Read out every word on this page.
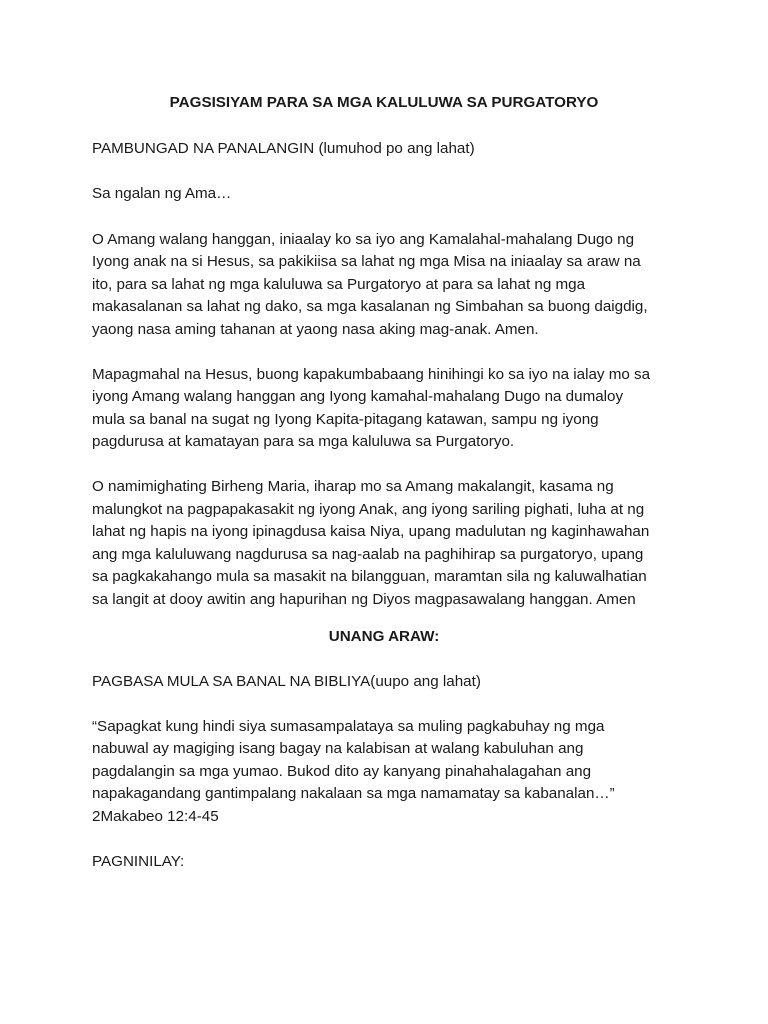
PAGSISIYAM PARA SA MGA KALULUWA SA PURGATORYO
PAMBUNGAD NA PANALANGIN (lumuhod po ang lahat)
Sa ngalan ng Ama…
O Amang walang hanggan, iniaalay ko sa iyo ang Kamalahal-mahalang Dugo ng
Iyong anak na si Hesus, sa pakikiisa sa lahat ng mga Misa na iniaalay sa araw na
ito, para sa lahat ng mga kaluluwa sa Purgatoryo at para sa lahat ng mga
makasalanan sa lahat ng dako, sa mga kasalanan ng Simbahan sa buong daigdig,
yaong nasa aming tahanan at yaong nasa aking mag-anak. Amen.
Mapagmahal na Hesus, buong kapakumbabaang hinihingi ko sa iyo na ialay mo sa
iyong Amang walang hanggan ang Iyong kamahal-mahalang Dugo na dumaloy
mula sa banal na sugat ng Iyong Kapita-pitagang katawan, sampu ng iyong
pagdurusa at kamatayan para sa mga kaluluwa sa Purgatoryo.
O namimighating Birheng Maria, iharap mo sa Amang makalangit, kasama ng
malungkot na pagpapakasakit ng iyong Anak, ang iyong sariling pighati, luha at ng
lahat ng hapis na iyong ipinagdusa kaisa Niya, upang madulutan ng kaginhawahan
ang mga kaluluwang nagdurusa sa nag-aalab na paghihirap sa purgatoryo, upang
sa pagkakahango mula sa masakit na bilangguan, maramtan sila ng kaluwalhatian
sa langit at dooy awitin ang hapurihan ng Diyos magpasawalang hanggan. Amen
UNANG ARAW:
PAGBASA MULA SA BANAL NA BIBLIYA(uupo ang lahat)
“Sapagkat kung hindi siya sumasampalataya sa muling pagkabuhay ng mga
nabuwal ay magiging isang bagay na kalabisan at walang kabuluhan ang
pagdalangin sa mga yumao. Bukod dito ay kanyang pinahahalagahan ang
napakagandang gantimpalang nakalaan sa mga namamatay sa kabanalan…”
2Makabeo 12:4-45
PAGNINILAY:
